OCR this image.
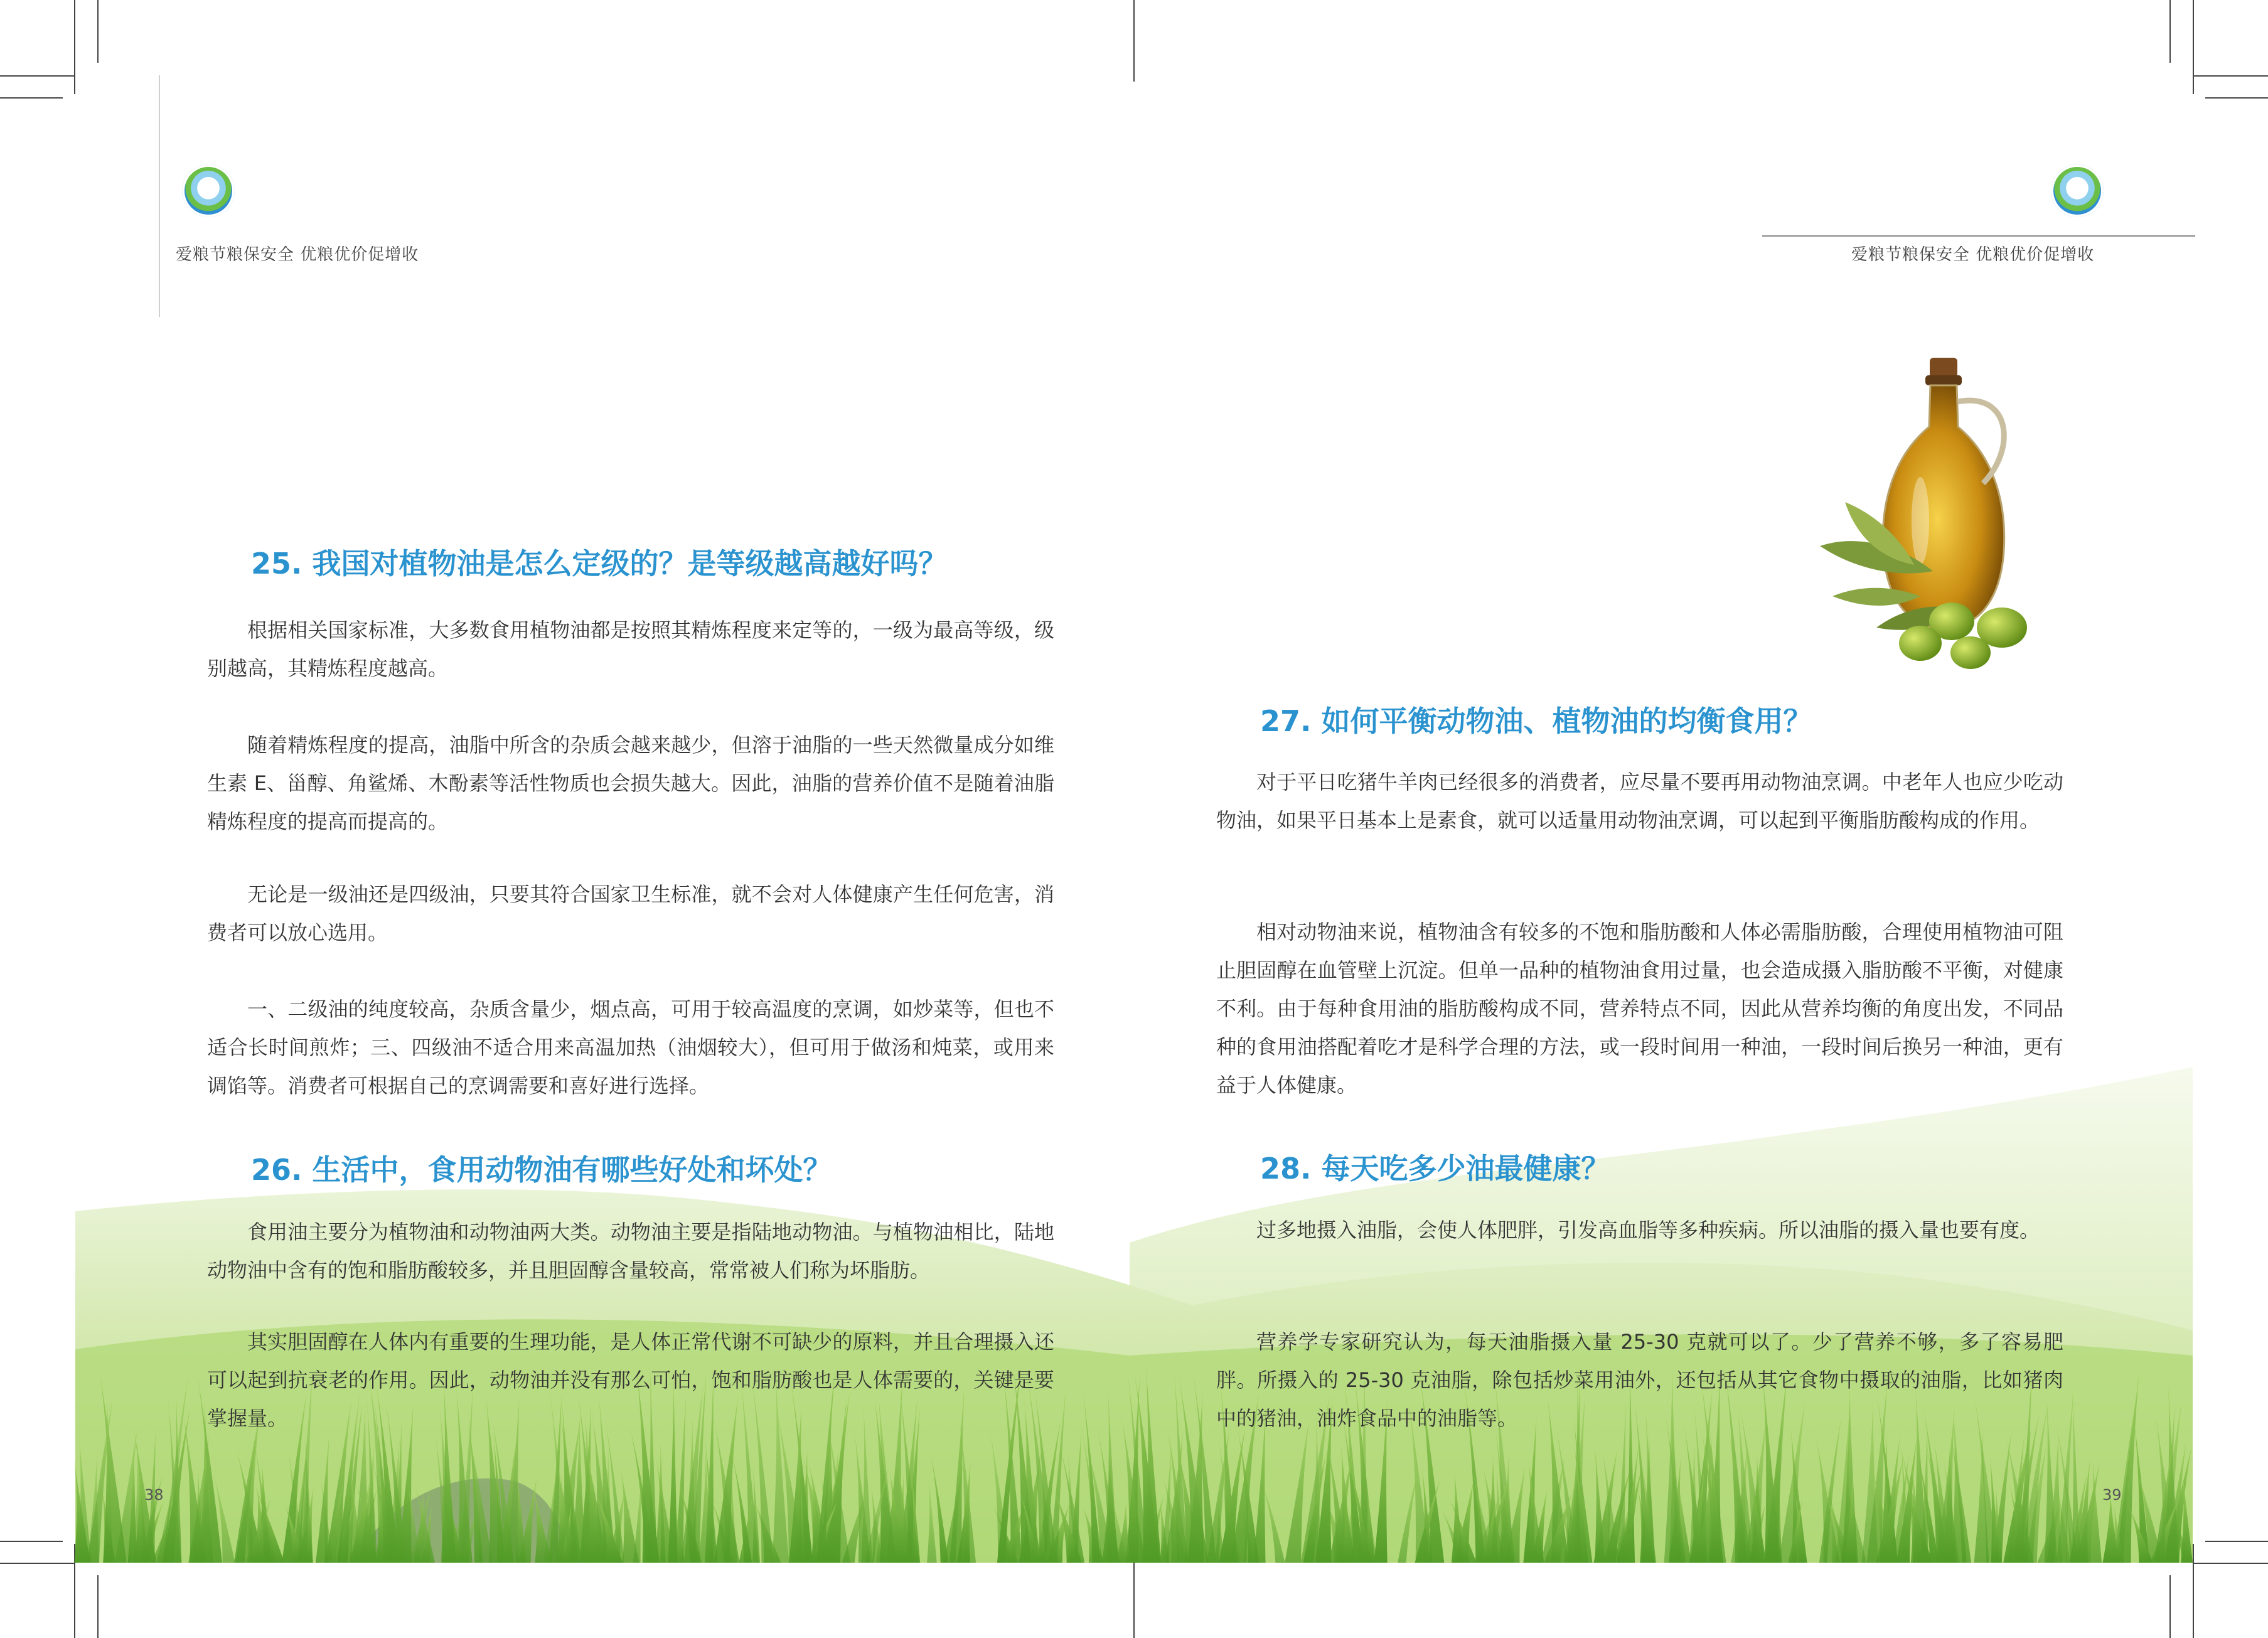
爱粮节粮保安全 优粮优价促增收	爱粮节粮保安全 优粮优价促增收
25. 我国对植物油是怎么定级的？是等级越高越好吗？
根据相关国家标准，大多数食用植物油都是按照其精炼程度来定等的，一级为最高等级，级别越高，其精炼程度越高。
随着精炼程度的提高，油脂中所含的杂质会越来越少，但溶于油脂的一些天然微量成分如维生素 E、甾醇、角鲨烯、木酚素等活性物质也会损失越大。因此，油脂的营养价值不是随着油脂精炼程度的提高而提高的。
无论是一级油还是四级油，只要其符合国家卫生标准，就不会对人体健康产生任何危害，消费者可以放心选用。
一、二级油的纯度较高，杂质含量少，烟点高，可用于较高温度的烹调，如炒菜等，但也不适合长时间煎炸；三、四级油不适合用来高温加热（油烟较大），但可用于做汤和炖菜，或用来调馅等。消费者可根据自己的烹调需要和喜好进行选择。
26. 生活中，食用动物油有哪些好处和坏处？
食用油主要分为植物油和动物油两大类。动物油主要是指陆地动物油。与植物油相比，陆地动物油中含有的饱和脂肪酸较多，并且胆固醇含量较高，常常被人们称为坏脂肪。
其实胆固醇在人体内有重要的生理功能，是人体正常代谢不可缺少的原料，并且合理摄入还可以起到抗衰老的作用。因此，动物油并没有那么可怕，饱和脂肪酸也是人体需要的，关键是要掌握量。
38
27. 如何平衡动物油、植物油的均衡食用？
对于平日吃猪牛羊肉已经很多的消费者，应尽量不要再用动物油烹调。中老年人也应少吃动物油，如果平日基本上是素食，就可以适量用动物油烹调，可以起到平衡脂肪酸构成的作用。
相对动物油来说，植物油含有较多的不饱和脂肪酸和人体必需脂肪酸，合理使用植物油可阻止胆固醇在血管壁上沉淀。但单一品种的植物油食用过量，也会造成摄入脂肪酸不平衡，对健康不利。由于每种食用油的脂肪酸构成不同，营养特点不同，因此从营养均衡的角度出发，不同品种的食用油搭配着吃才是科学合理的方法，或一段时间用一种油，一段时间后换另一种油，更有益于人体健康。
28. 每天吃多少油最健康？
过多地摄入油脂，会使人体肥胖，引发高血脂等多种疾病。所以油脂的摄入量也要有度。
营养学专家研究认为，每天油脂摄入量 25-30 克就可以了。少了营养不够，多了容易肥胖。所摄入的 25-30 克油脂，除包括炒菜用油外，还包括从其它食物中摄取的油脂，比如猪肉中的猪油，油炸食品中的油脂等。
39
